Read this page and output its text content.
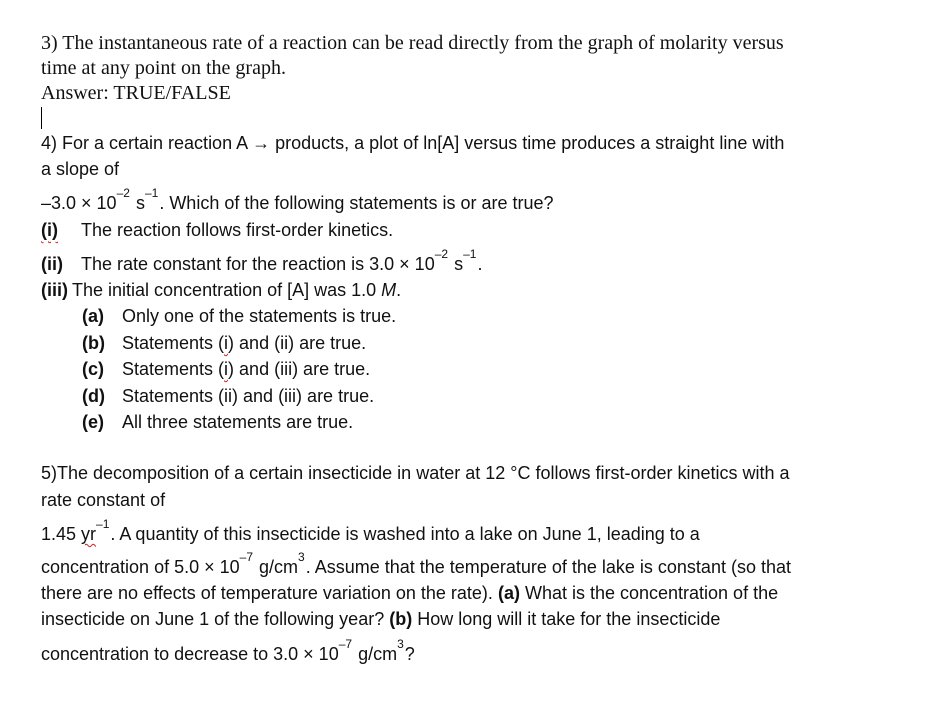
3) The instantaneous rate of a reaction can be read directly from the graph of molarity versus
time at any point on the graph.
Answer: TRUE/FALSE
4) For a certain reaction A → products, a plot of ln[A] versus time produces a straight line with
a slope of
$-3.0 \times 10^{-2}$ $s^{-1}$. Which of the following statements is or are true?
(i) The reaction follows first-order kinetics.
(ii) The rate constant for the reaction is $3.0 \times 10^{-2}$ $s^{-1}$.
(iii) The initial concentration of [A] was 1.0 M.
(a) Only one of the statements is true.
(b) Statements (i) and (ii) are true.
(c) Statements (i) and (iii) are true.
(d) Statements (ii) and (iii) are true.
(e) All three statements are true.
5)The decomposition of a certain insecticide in water at 12 °C follows first-order kinetics with a
rate constant of
1.45 $yr^{-1}$. A quantity of this insecticide is washed into a lake on June 1, leading to a
concentration of $5.0 \times 10^{-7}$ $g/cm^3$. Assume that the temperature of the lake is constant (so that
there are no effects of temperature variation on the rate). (a) What is the concentration of the
insecticide on June 1 of the following year? (b) How long will it take for the insecticide
concentration to decrease to $3.0 \times 10^{-7}$ $g/cm^3$?
